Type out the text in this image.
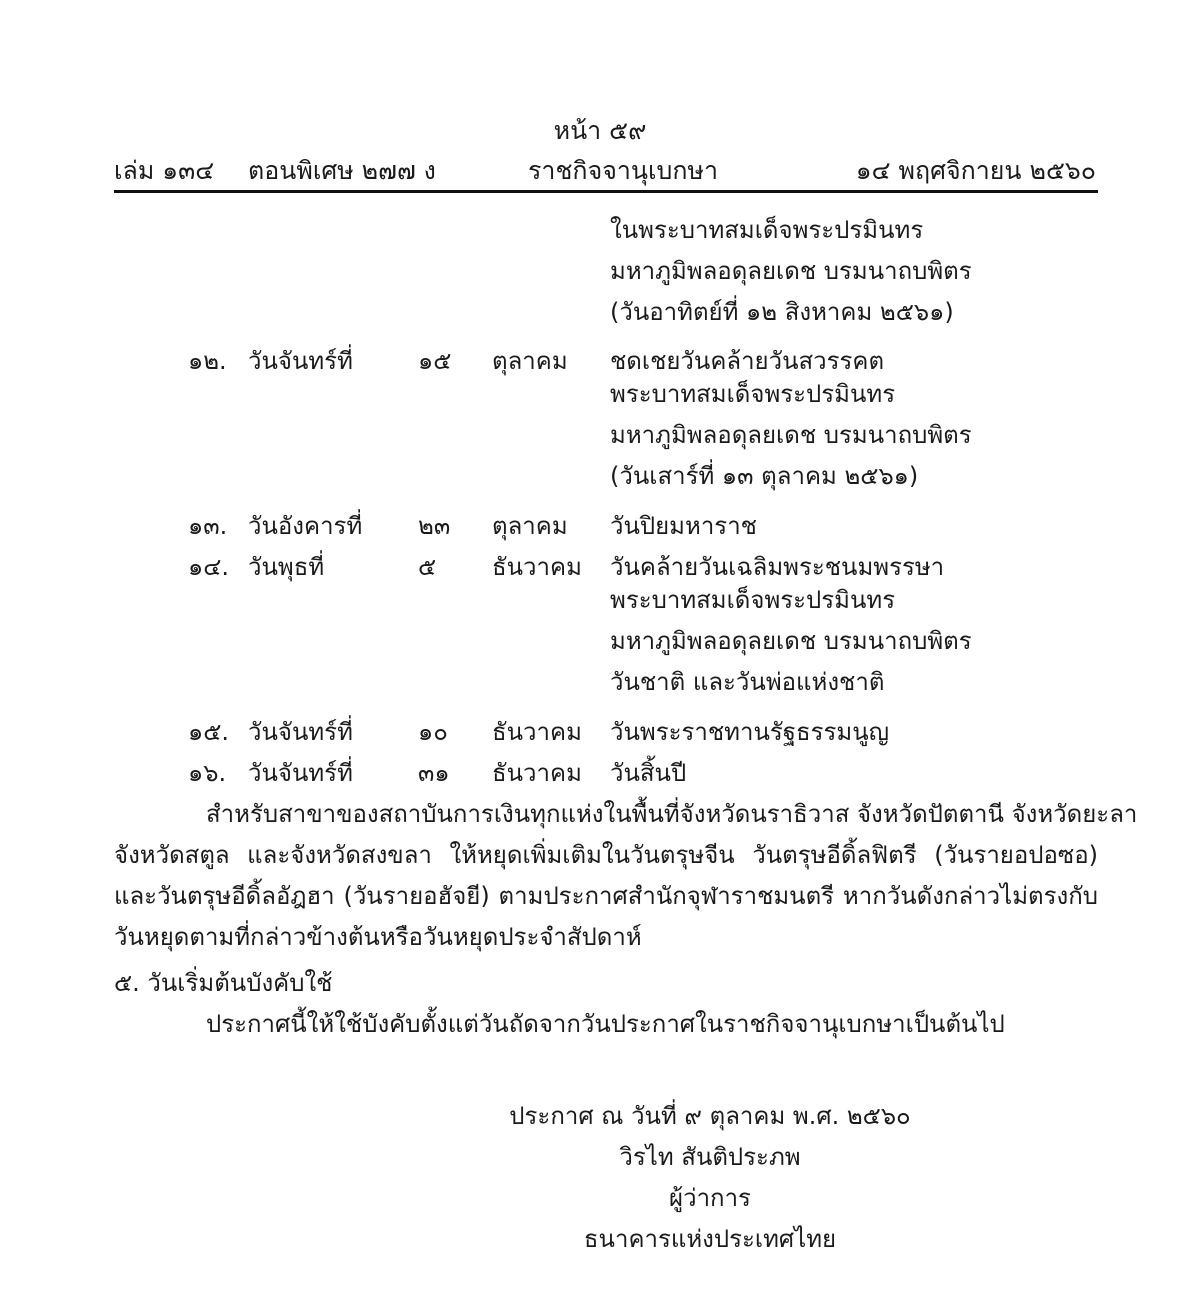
หน้า ๕๙
เล่ม ๑๓๔ ตอนพิเศษ ๒๗๗ ง	ราชกิจจานุเบกษา	๑๔ พฤศจิกายน ๒๕๖๐
ในพระบาทสมเด็จพระปรมินทร
มหาภูมิพลอดุลยเดช บรมนาถบพิตร
(วันอาทิตย์ที่ ๑๒ สิงหาคม ๒๕๖๑)
๑๒. วันจันทร์ที่	๑๕ ตุลาคม ชดเชยวันคล้ายวันสวรรคต
พระบาทสมเด็จพระปรมินทร
มหาภูมิพลอดุลยเดช บรมนาถบพิตร
(วันเสาร์ที่ ๑๓ ตุลาคม ๒๕๖๑)
๑๓. วันอังคารที่ ๒๓ ตุลาคม วันปิยมหาราช
๑๔. วันพุธที่	๕ ธันวาคม วันคล้ายวันเฉลิมพระชนมพรรษา
พระบาทสมเด็จพระปรมินทร
มหาภูมิพลอดุลยเดช บรมนาถบพิตร
วันชาติ และวันพ่อแห่งชาติ
๑๕. วันจันทร์ที่	๑๐ ธันวาคม วันพระราชทานรัฐธรรมนูญ
๑๖. วันจันทร์ที่	๓๑ ธันวาคม วันสิ้นปี
สำหรับสาขาของสถาบันการเงินทุกแห่งในพื้นที่จังหวัดนราธิวาส จังหวัดปัตตานี จังหวัดยะลา
จังหวัดสตูล และจังหวัดสงขลา ให้หยุดเพิ่มเติมในวันตรุษจีน วันตรุษอีดิ้ลฟิตรี (วันรายอปอซอ)
และวันตรุษอีดิ้ลอัฎฮา (วันรายอฮัจยี) ตามประกาศสำนักจุฬาราชมนตรี หากวันดังกล่าวไม่ตรงกับ
วันหยุดตามที่กล่าวข้างต้นหรือวันหยุดประจำสัปดาห์
๕. วันเริ่มต้นบังคับใช้
ประกาศนี้ให้ใช้บังคับตั้งแต่วันถัดจากวันประกาศในราชกิจจานุเบกษาเป็นต้นไป
ประกาศ ณ วันที่ ๙ ตุลาคม พ.ศ. ๒๕๖๐
วิรไท สันติประภพ
ผู้ว่าการ
ธนาคารแห่งประเทศไทย
